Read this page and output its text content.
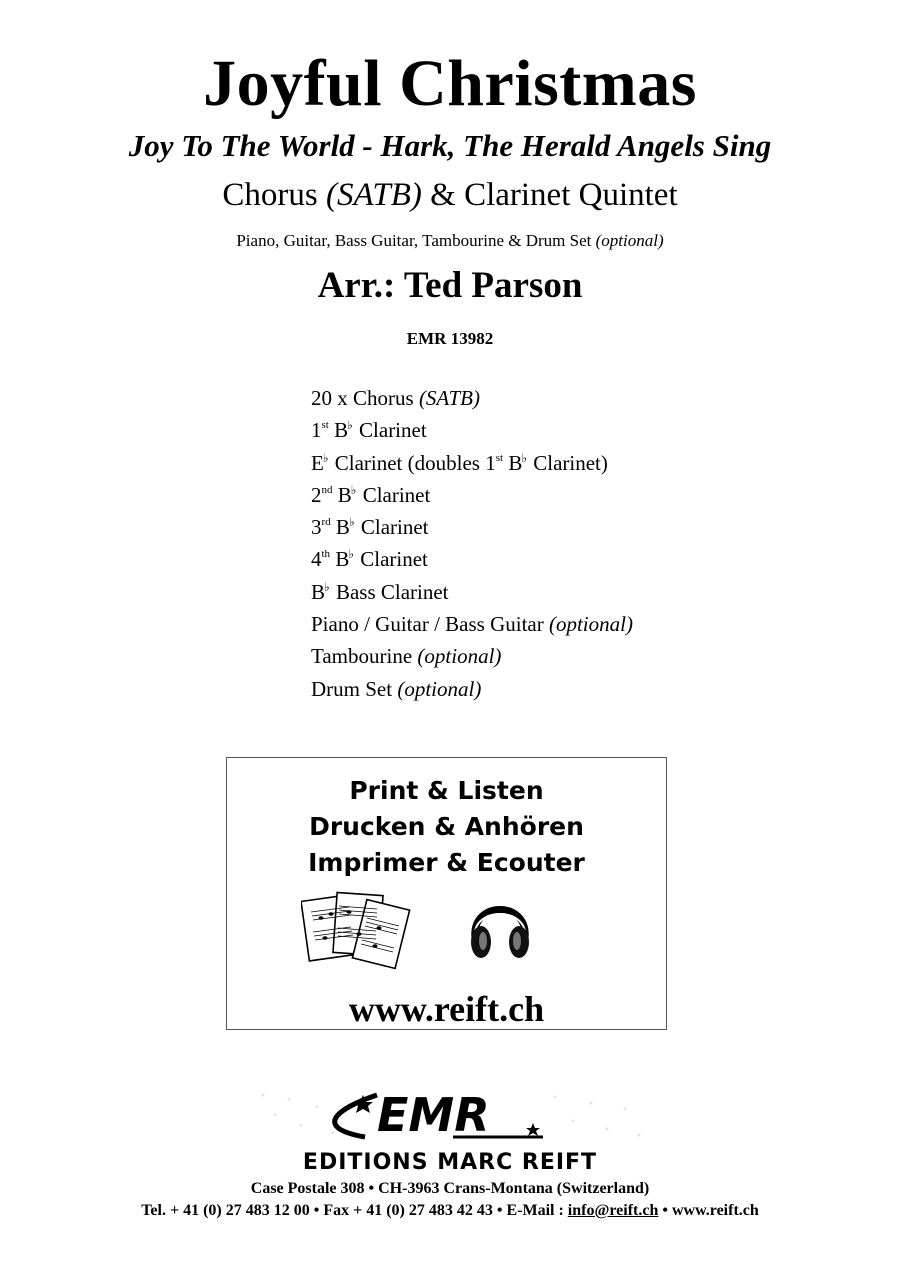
Joyful Christmas
Joy To The World - Hark, The Herald Angels Sing
Chorus (SATB) & Clarinet Quintet
Piano, Guitar, Bass Guitar, Tambourine & Drum Set (optional)
Arr.: Ted Parson
EMR 13982
20 x Chorus (SATB)
1st B♭ Clarinet
E♭ Clarinet (doubles 1st B♭ Clarinet)
2nd B♭ Clarinet
3rd B♭ Clarinet
4th B♭ Clarinet
B♭ Bass Clarinet
Piano / Guitar / Bass Guitar (optional)
Tambourine (optional)
Drum Set (optional)
Print & Listen
Drucken & Anhören
Imprimer & Ecouter
www.reift.ch
EMR
EDITIONS MARC REIFT
Case Postale 308 • CH-3963 Crans-Montana (Switzerland)
Tel. + 41 (0) 27 483 12 00 • Fax + 41 (0) 27 483 42 43 • E-Mail : info@reift.ch • www.reift.ch
